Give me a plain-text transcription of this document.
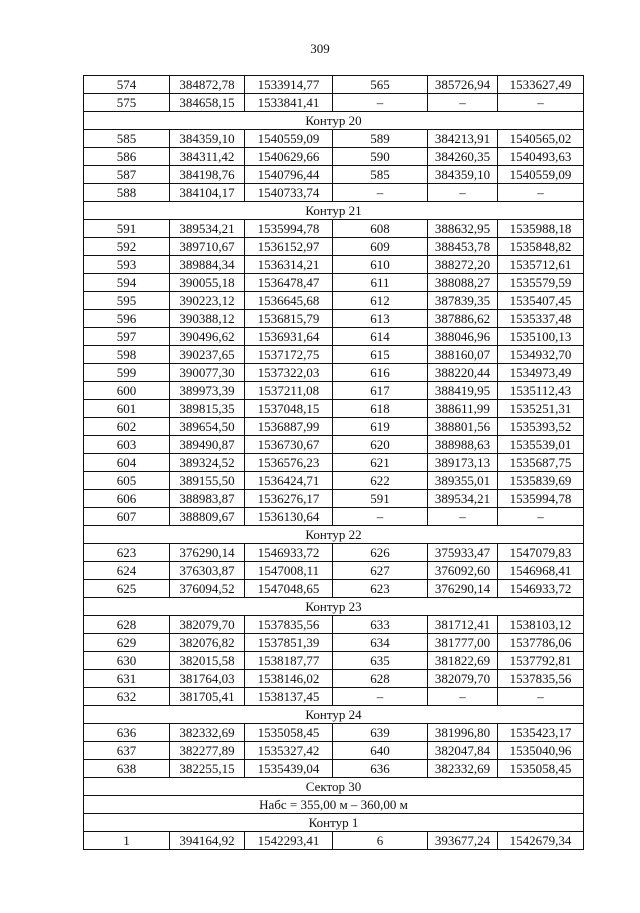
309
574	384872,78	1533914,77	565	385726,94	1533627,49
575	384658,15	1533841,41	–	–	–
Контур 20					
585	384359,10	1540559,09	589	384213,91	1540565,02
586	384311,42	1540629,66	590	384260,35	1540493,63
587	384198,76	1540796,44	585	384359,10	1540559,09
588	384104,17	1540733,74	–	–	–
Контур 21					
591	389534,21	1535994,78	608	388632,95	1535988,18
592	389710,67	1536152,97	609	388453,78	1535848,82
593	389884,34	1536314,21	610	388272,20	1535712,61
594	390055,18	1536478,47	611	388088,27	1535579,59
595	390223,12	1536645,68	612	387839,35	1535407,45
596	390388,12	1536815,79	613	387886,62	1535337,48
597	390496,62	1536931,64	614	388046,96	1535100,13
598	390237,65	1537172,75	615	388160,07	1534932,70
599	390077,30	1537322,03	616	388220,44	1534973,49
600	389973,39	1537211,08	617	388419,95	1535112,43
601	389815,35	1537048,15	618	388611,99	1535251,31
602	389654,50	1536887,99	619	388801,56	1535393,52
603	389490,87	1536730,67	620	388988,63	1535539,01
604	389324,52	1536576,23	621	389173,13	1535687,75
605	389155,50	1536424,71	622	389355,01	1535839,69
606	388983,87	1536276,17	591	389534,21	1535994,78
607	388809,67	1536130,64	–	–	–
Контур 22					
623	376290,14	1546933,72	626	375933,47	1547079,83
624	376303,87	1547008,11	627	376092,60	1546968,41
625	376094,52	1547048,65	623	376290,14	1546933,72
Контур 23					
628	382079,70	1537835,56	633	381712,41	1538103,12
629	382076,82	1537851,39	634	381777,00	1537786,06
630	382015,58	1538187,77	635	381822,69	1537792,81
631	381764,03	1538146,02	628	382079,70	1537835,56
632	381705,41	1538137,45	–	–	–
Контур 24					
636	382332,69	1535058,45	639	381996,80	1535423,17
637	382277,89	1535327,42	640	382047,84	1535040,96
638	382255,15	1535439,04	636	382332,69	1535058,45
Сектор 30					
Набс = 355,00 м – 360,00 м					
Контур 1					
1	394164,92	1542293,41	6	393677,24	1542679,34
